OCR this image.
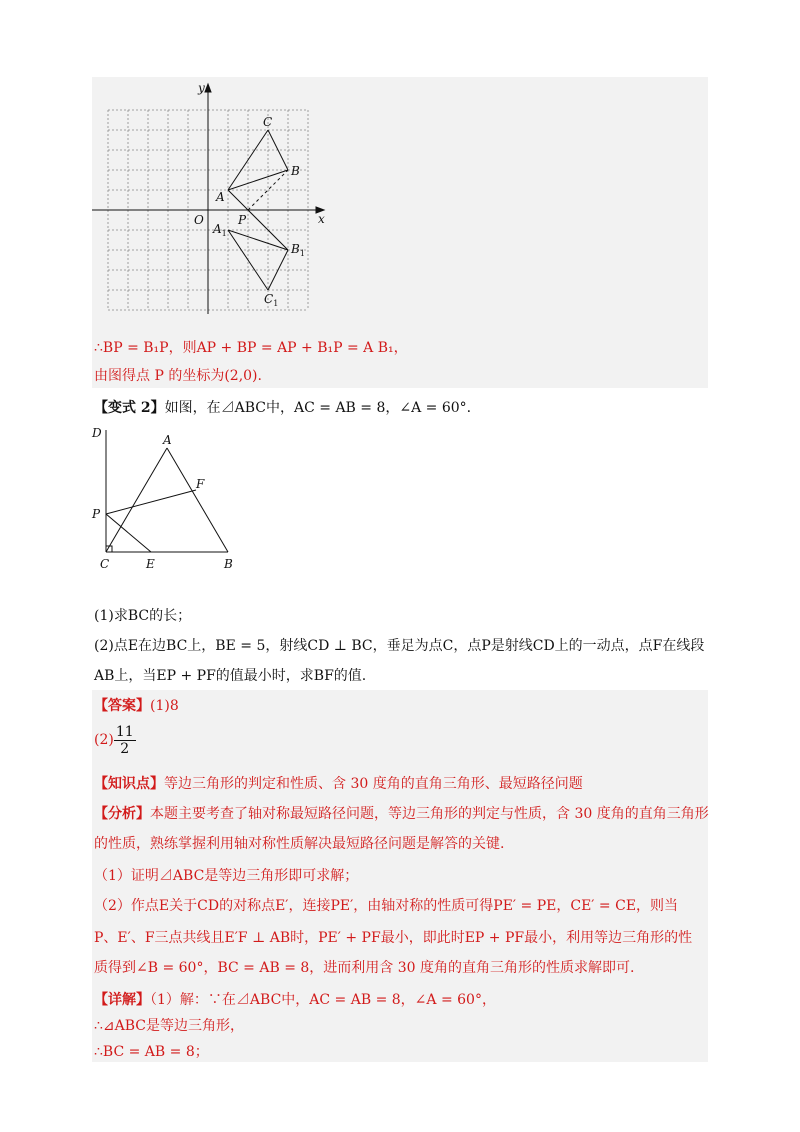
x
y
O
C
B
A
P
$A_1$
$B_1$
$C_1$
∴BP = B₁P，则AP + BP = AP + B₁P = A B₁，
由图得点 P 的坐标为(2,0).
【变式 2】如图，在⊿ABC中，AC = AB = 8，∠A = 60°.
D	A
F
P
C	E	B
(1)求BC的长；
(2)点E在边BC上，BE = 5，射线CD ⊥ BC，垂足为点C，点P是射线CD上的一动点，点F在线段
AB上，当EP + PF的值最小时，求BF的值.
【答案】(1)8
$(2) \frac{11}{2}$
【知识点】等边三角形的判定和性质、含 30 度角的直角三角形、最短路径问题
【分析】本题主要考查了轴对称最短路径问题，等边三角形的判定与性质，含 30 度角的直角三角形
的性质，熟练掌握利用轴对称性质解决最短路径问题是解答的关键.
（1）证明⊿ABC是等边三角形即可求解；
（2）作点E关于CD的对称点E′，连接PE′，由轴对称的性质可得PE′ = PE，CE′ = CE，则当
P、E′、F三点共线且E′F ⊥ AB时，PE′ + PF最小，即此时EP + PF最小，利用等边三角形的性
质得到∠B = 60°，BC = AB = 8，进而利用含 30 度角的直角三角形的性质求解即可.
【详解】（1）解：∵在⊿ABC中，AC = AB = 8，∠A = 60°，
∴⊿ABC是等边三角形，
∴BC = AB = 8；
